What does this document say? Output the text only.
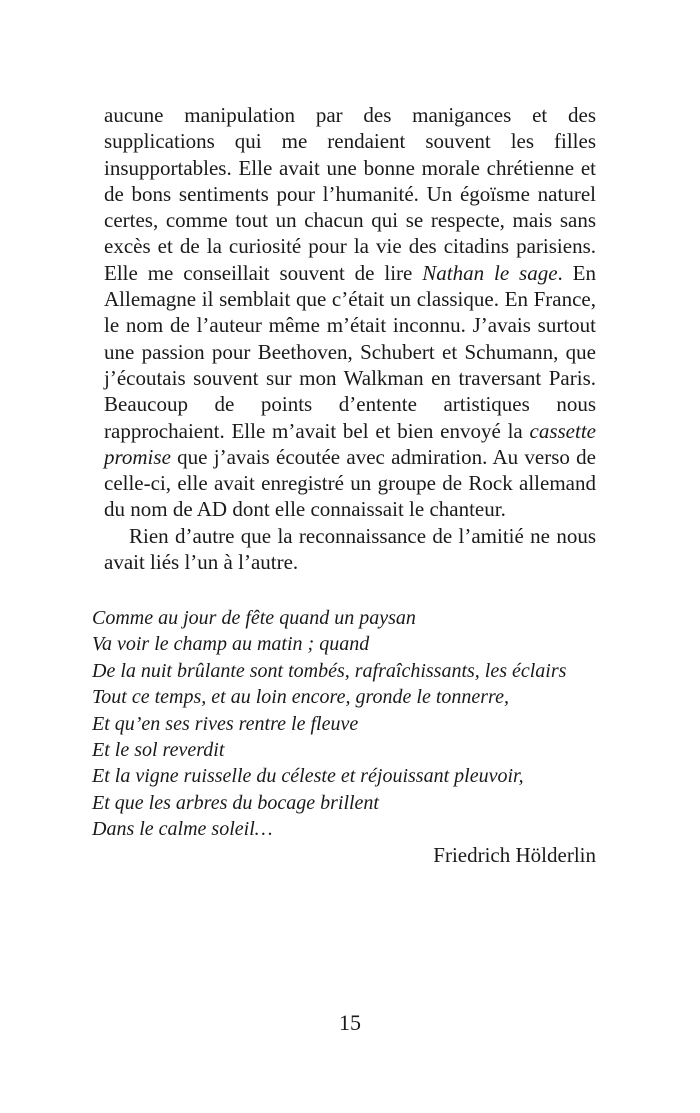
aucune manipulation par des manigances et des
supplications qui me rendaient souvent les filles
insupportables. Elle avait une bonne morale chrétienne et
de bons sentiments pour l’humanité. Un égoïsme naturel
certes, comme tout un chacun qui se respecte, mais sans
excès et de la curiosité pour la vie des citadins parisiens.
Elle me conseillait souvent de lire Nathan le sage. En
Allemagne il semblait que c’était un classique. En France,
le nom de l’auteur même m’était inconnu. J’avais surtout
une passion pour Beethoven, Schubert et Schumann, que
j’écoutais souvent sur mon Walkman en traversant Paris.
Beaucoup de points d’entente artistiques nous
rapprochaient. Elle m’avait bel et bien envoyé la cassette
promise que j’avais écoutée avec admiration. Au verso de
celle-ci, elle avait enregistré un groupe de Rock allemand
du nom de AD dont elle connaissait le chanteur.
Rien d’autre que la reconnaissance de l’amitié ne nous
avait liés l’un à l’autre.
Comme au jour de fête quand un paysan
Va voir le champ au matin ; quand
De la nuit brûlante sont tombés, rafraîchissants, les éclairs
Tout ce temps, et au loin encore, gronde le tonnerre,
Et qu’en ses rives rentre le fleuve
Et le sol reverdit
Et la vigne ruisselle du céleste et réjouissant pleuvoir,
Et que les arbres du bocage brillent
Dans le calme soleil…
Friedrich Hölderlin
15
